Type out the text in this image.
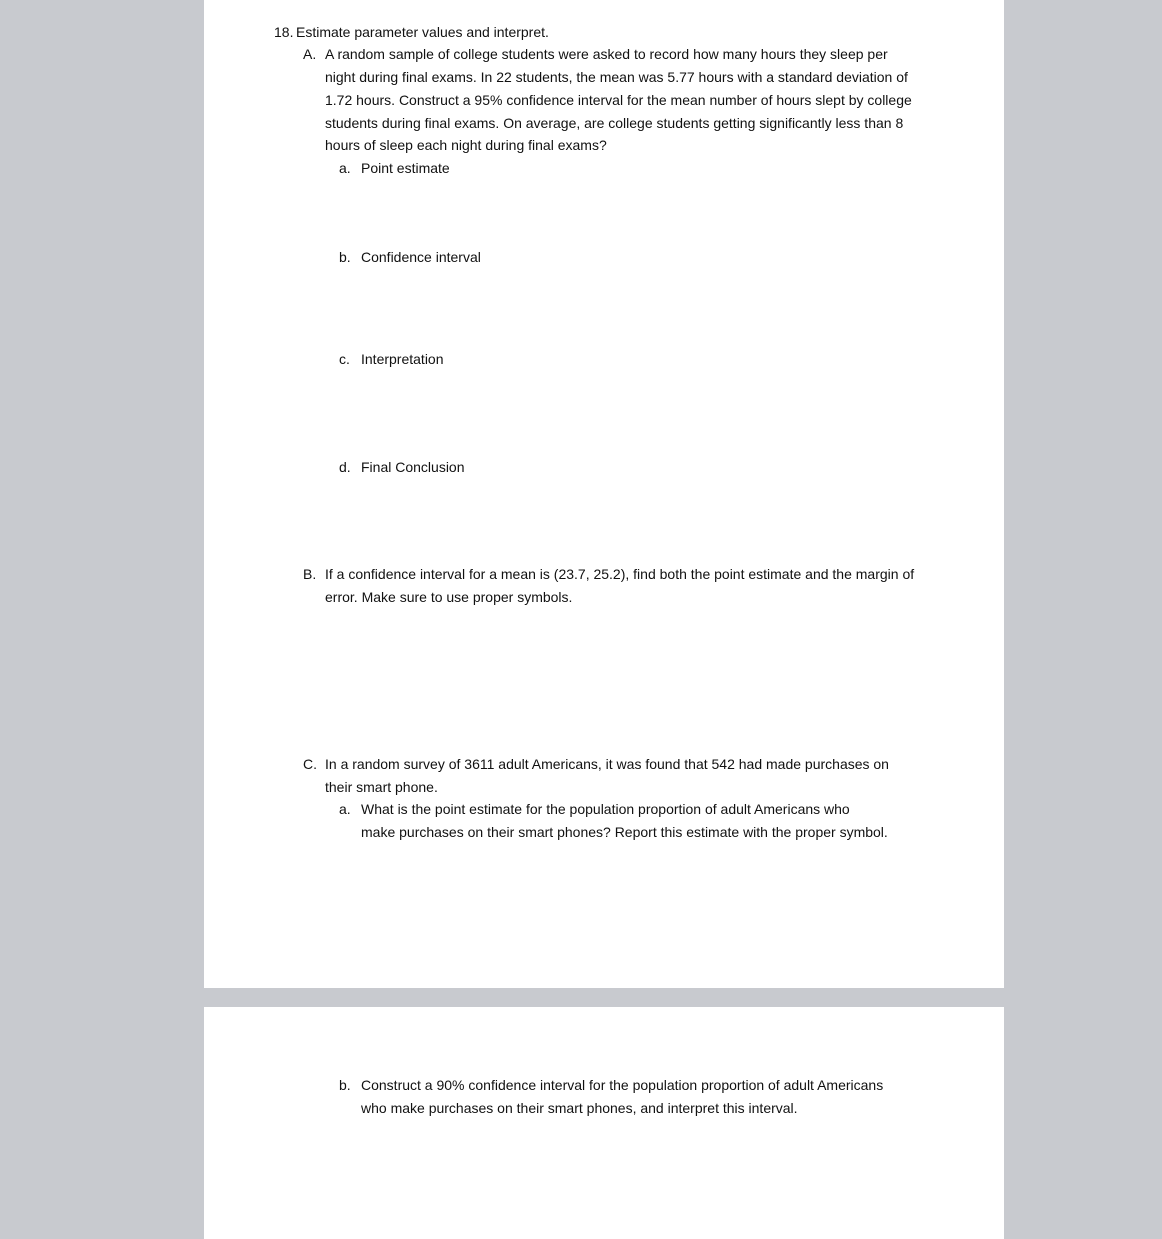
18. Estimate parameter values and interpret.
A. A random sample of college students were asked to record how many hours they sleep per
night during final exams. In 22 students, the mean was 5.77 hours with a standard deviation of
1.72 hours. Construct a 95% confidence interval for the mean number of hours slept by college
students during final exams. On average, are college students getting significantly less than 8
hours of sleep each night during final exams?
a. Point estimate
b. Confidence interval
c. Interpretation
d. Final Conclusion
B. If a confidence interval for a mean is (23.7, 25.2), find both the point estimate and the margin of
error. Make sure to use proper symbols.
C. In a random survey of 3611 adult Americans, it was found that 542 had made purchases on
their smart phone.
a. What is the point estimate for the population proportion of adult Americans who
make purchases on their smart phones? Report this estimate with the proper symbol.
b. Construct a 90% confidence interval for the population proportion of adult Americans
who make purchases on their smart phones, and interpret this interval.
